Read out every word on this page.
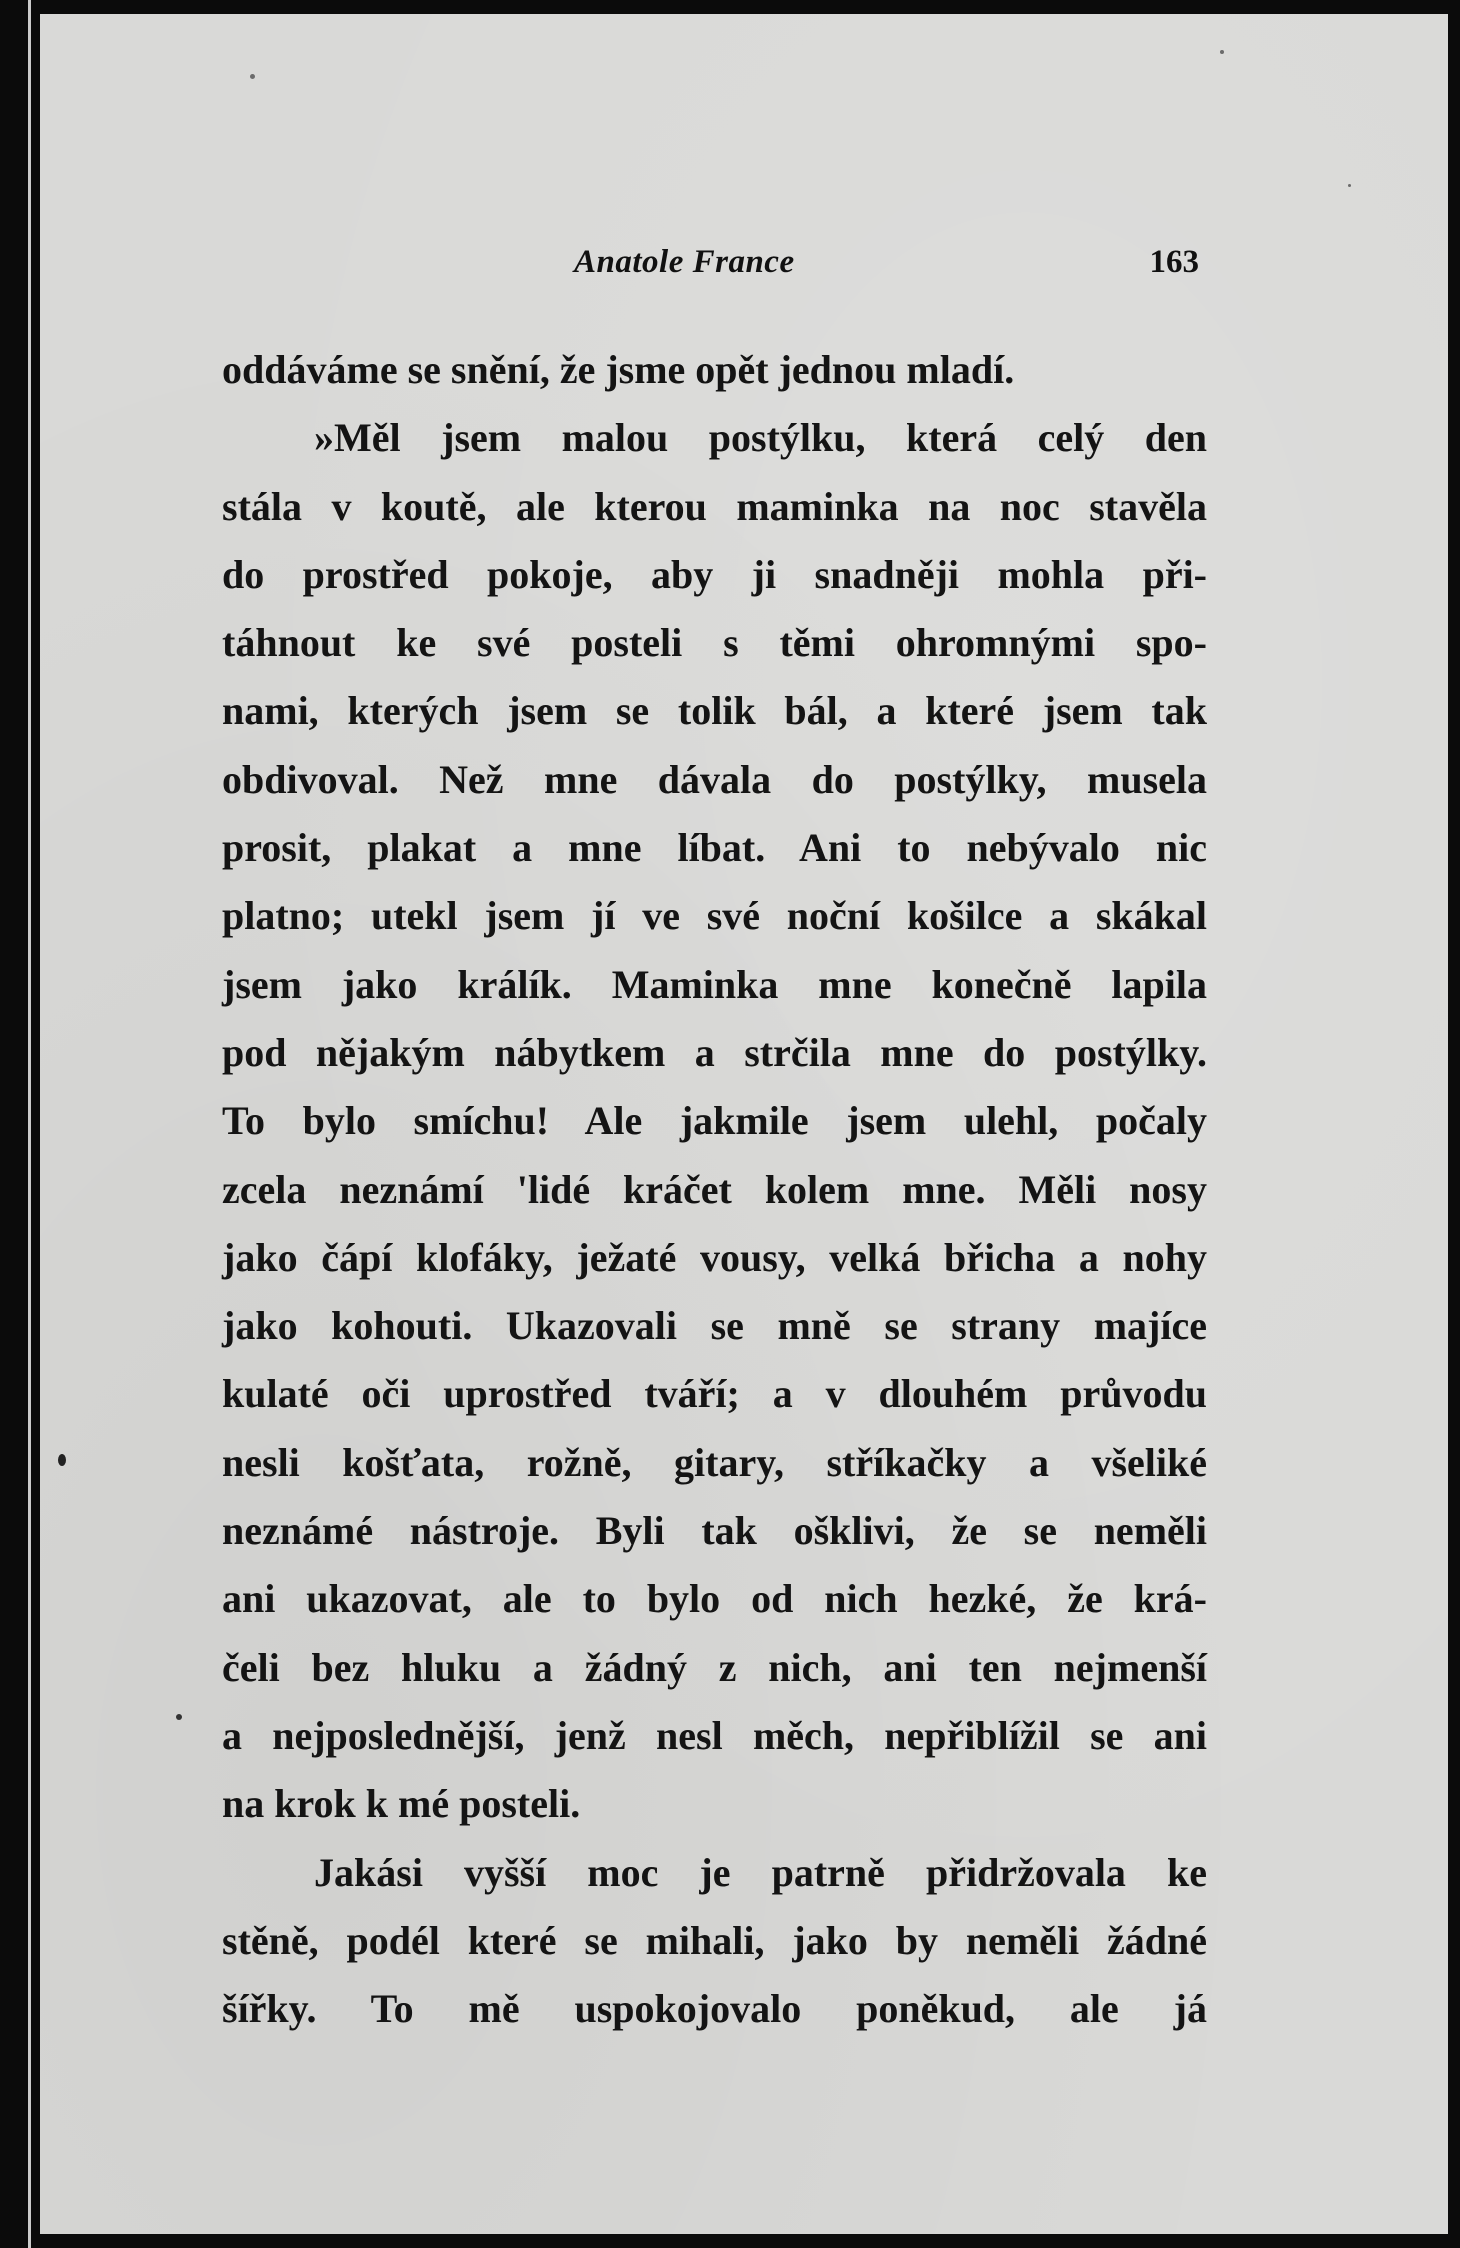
Anatole France	163
oddáváme se snění, že jsme opět jednou mladí.
»Měl jsem malou postýlku, která celý den
stála v koutě, ale kterou maminka na noc stavěla
do prostřed pokoje, aby ji snadněji mohla při-
táhnout ke své posteli s těmi ohromnými spo-
nami, kterých jsem se tolik bál, a které jsem tak
obdivoval. Než mne dávala do postýlky, musela
prosit, plakat a mne líbat. Ani to nebývalo nic
platno; utekl jsem jí ve své noční košilce a skákal
jsem jako králík. Maminka mne konečně lapila
pod nějakým nábytkem a strčila mne do postýlky.
To bylo smíchu! Ale jakmile jsem ulehl, počaly
zcela neznámí 'lidé kráčet kolem mne. Měli nosy
jako čápí klofáky, ježaté vousy, velká břicha a nohy
jako kohouti. Ukazovali se mně se strany majíce
kulaté oči uprostřed tváří; a v dlouhém průvodu
nesli košťata, rožně, gitary, stříkačky a všeliké
neznámé nástroje. Byli tak ošklivi, že se neměli
ani ukazovat, ale to bylo od nich hezké, že krá-
čeli bez hluku a žádný z nich, ani ten nejmenší
a nejposlednější, jenž nesl měch, nepřiblížil se ani
na krok k mé posteli.
Jakási vyšší moc je patrně přidržovala ke
stěně, podél které se mihali, jako by neměli žádné
šířky. To mě uspokojovalo poněkud, ale já
